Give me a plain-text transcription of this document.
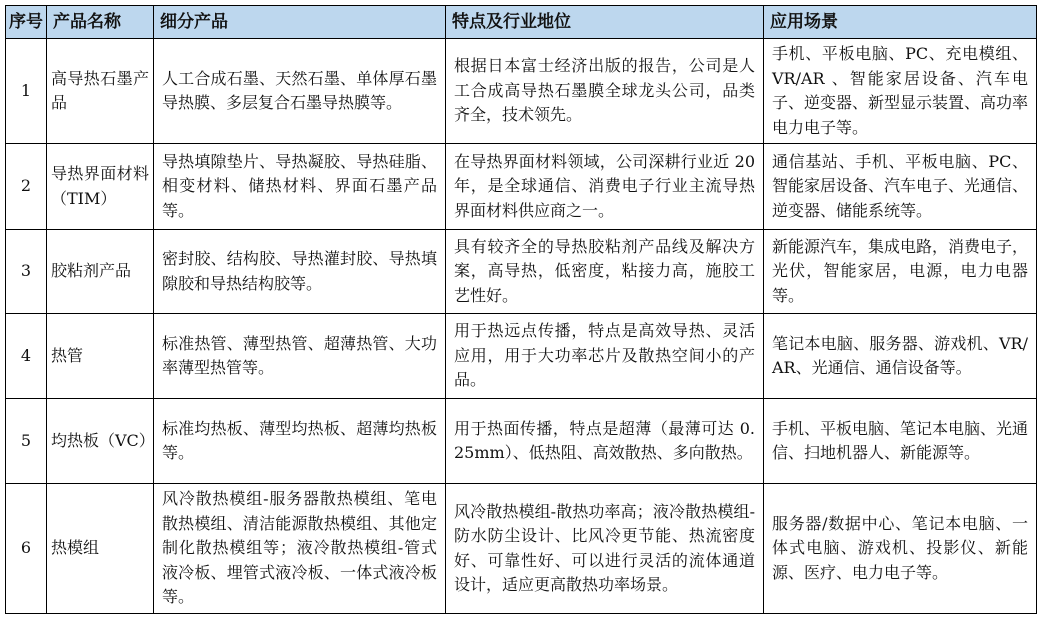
序号	产品名称	细分产品	特点及行业地位	应用场景
1	高导热石墨产品	人工合成石墨、天然石墨、单体厚石墨导热膜、多层复合石墨导热膜等。	根据日本富士经济出版的报告，公司是人工合成高导热石墨膜全球龙头公司，品类齐全，技术领先。	手机、平板电脑、PC、充电模组、VR/AR 、智能家居设备、汽车电子、逆变器、新型显示装置、高功率电力电子等。
2	导热界面材料（TIM）	导热填隙垫片、导热凝胶、导热硅脂、相变材料、储热材料、界面石墨产品等。	在导热界面材料领域，公司深耕行业近 20 年，是全球通信、消费电子行业主流导热界面材料供应商之一。	通信基站、手机、平板电脑、PC、智能家居设备、汽车电子、光通信、逆变器、储能系统等。
3	胶粘剂产品	密封胶、结构胶、导热灌封胶、导热填隙胶和导热结构胶等。	具有较齐全的导热胶粘剂产品线及解决方案，高导热，低密度，粘接力高，施胶工艺性好。	新能源汽车，集成电路，消费电子，光伏，智能家居，电源，电力电器等。
4	热管	标准热管、薄型热管、超薄热管、大功率薄型热管等。	用于热远点传播，特点是高效导热、灵活应用，用于大功率芯片及散热空间小的产品。	笔记本电脑、服务器、游戏机、VR/AR、光通信、通信设备等。
5	均热板（VC）	标准均热板、薄型均热板、超薄均热板等。	用于热面传播，特点是超薄（最薄可达 0.25mm）、低热阻、高效散热、多向散热。	手机、平板电脑、笔记本电脑、光通信、扫地机器人、新能源等。
6	热模组	风冷散热模组-服务器散热模组、笔电散热模组、清洁能源散热模组、其他定制化散热模组等；液冷散热模组-管式液冷板、埋管式液冷板、一体式液冷板等。	风冷散热模组-散热功率高；液冷散热模组-防水防尘设计、比风冷更节能、热流密度好、可靠性好、可以进行灵活的流体通道设计，适应更高散热功率场景。	服务器/数据中心、笔记本电脑、一体式电脑、游戏机、投影仪、新能源、医疗、电力电子等。
